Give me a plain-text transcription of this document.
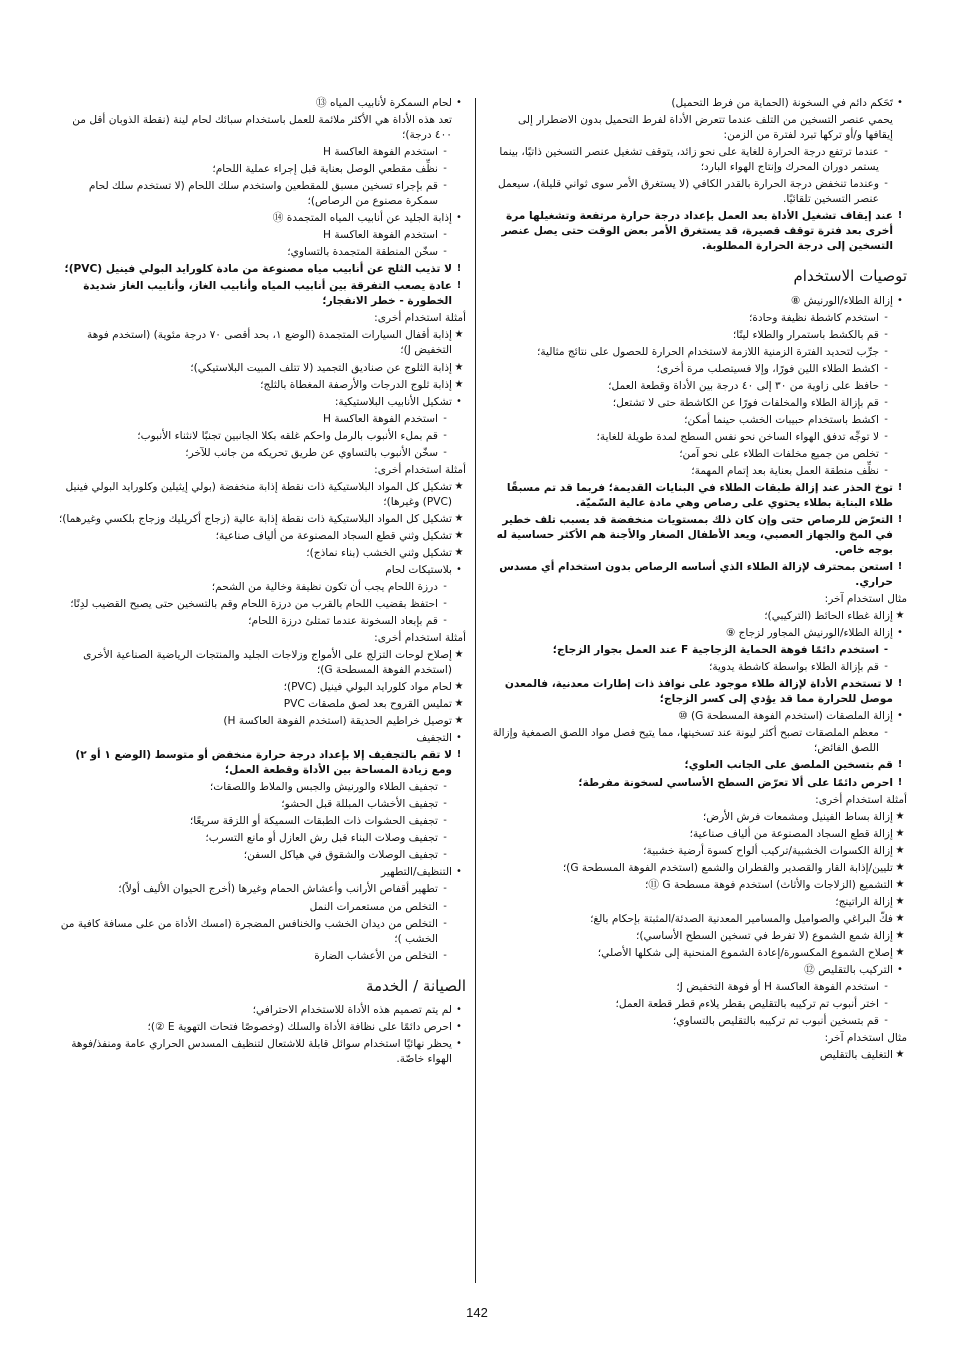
•
تَحَكم دائم في السخونة (الحماية من فرط التحميل)
يحمي عنصر التسخين من التلف عندما تتعرض الأداة لفرط التحميل بدون الاضطرار إلى إيقافها و/أو تركها تبرد لفترة من الزمن:
-
عندما ترتفع درجة الحرارة للغاية على نحو زائد، يتوقف تشغيل عنصر التسخين ذاتيًا، بينما يستمر دوران المحرك وإنتاج الهواء البارد؛
-
وعندما تنخفض درجة الحرارة بالقدر الكافي (لا يستغرق الأمر سوى ثواني قليلة)، سيعمل عنصر التسخين تلقائيًا.
!
عند إيقاف تشغيل الأداة بعد العمل بإعداد درجة حرارة مرتفعة وتشغيلها مرة أخرى بعد فترة توقف قصيرة، قد يستغرق الأمر بعض الوقت حتى يصل عنصر التسخين إلى درجة الحرارة المطلوبة.
توصيات الاستخدام
•
إزالة الطلاء/الورنيش ⑧
-
استخدم كاشطة نظيفة وحادة؛
-
قم بالكشط باستمرار والطلاء لينًا؛
-
جرِّب لتحديد الفترة الزمنية اللازمة لاستخدام الحرارة للحصول على نتائج مثالية؛
-
اكشط الطلاء اللين فورًا، وإلا فسيتصلب مرة أخرى؛
-
حافظ على زاوية من ٣٠ إلى ٤٠ درجة بين الأداة وقطعة العمل؛
-
قم بإزالة الطلاء والمخلفات فورًا عن الكاشطة حتى لا تشتعل؛
-
اكشط باستخدام حبيبات الخشب حينما أمكن؛
-
لا توجِّه تدفق الهواء الساخن نحو نفس السطح لمدة طويلة للغاية؛
-
تخلص من جميع مخلفات الطلاء على نحو آمن؛
-
نظِّف منطقة العمل بعناية بعد إتمام المهمة؛
!
توخ الحذر عند إزالة طبقات الطلاء في البنايات القديمة؛ فربما قد تم مسبقًا طلاء البناية بطلاء يحتوي على رصاص وهي مادة عالية السّميّة.
!
التعرّض للرصاص حتى وإن كان ذلك بمستويات منخفضة قد يسبب تلف خطير في المخ والجهاز العصبي، ويعد الأطفال الصغار والأجنة هم الأكثر حساسية له بوجه خاص.
!
استعن بمحترف لإزالة الطلاء الذي أساسه الرصاص بدون استخدام أي مسدس حراري.
مثال استخدام آخر:
★
إزالة غطاء الحائط (التركيبي)؛
•
إزالة الطلاء/الورنيش المجاور لزجاج ⑨
-
استخدم دائمًا فوهة الحماية الزجاجية F عند العمل بجوار الزجاج؛
-
قم بإزالة الطلاء بواسطة كاشطة يدوية؛
!
لا تستخدم الأداة لإزالة طلاء موجود على نوافذ ذات إطارات معدنية، فالمعدن موصل للحرارة مما قد يؤدي إلى كسر الزجاج؛
•
إزالة الملصقات (استخدم الفوهة المسطحة G) ⑩
-
معظم الملصقات تصبح أكثر ليونة عند تسخينها، مما يتيح فصل مواد اللصق الصمغية وإزالة اللصق الفائض؛
!
قم بتسخين الملصق على الجانب العلوي؛
!
احرص دائمًا على ألا تعرّض السطح الأساسي لسخونة مفرطة؛
أمثلة استخدام أخرى:
★
إزالة بساط الفينيل ومشمعات فرش الأرض؛
★
إزالة قطع السجاد المصنوعة من ألياف صناعية؛
★
إزالة الكسوات الخشبية/تركيب ألواح كسوة أرضية خشبية؛
★
تليين/إذابة القار والقصدير والقطران والشمع (استخدم الفوهة المسطحة G)؛
★
التشميع (الزلاجات والأثاث) استخدم فوهة مسطحة G ⑪؛
★
إزالة الراتينج؛
★
فكّ البراغي والصواميل والمسامير المعدنية الصدئة/المثبتة بإحكام بالغ؛
★
إزالة شمع الشموع (لا تفرط في تسخين السطح الأساسي)؛
★
إصلاح الشموع المكسورة/إعادة الشموع المنحنية إلى شكلها الأصلي؛
•
التركيب بالتقليص ⑫
-
استخدم الفوهة العاكسة H أو فوهة التخفيض J؛
-
اختر أنبوب تم تركيبه بالتقليص بقطر يلاءم قطر قطعة العمل؛
-
قم بتسخين أنبوب تم تركيبه بالتقليص بالتساوي؛
مثال استخدام آخر:
★
التغليف بالتقليص
•
لحام السمكرة لأنابيب المياه ⑬
تعد هذه الأداة هي الأكثر ملائمة للعمل باستخدام سبائك لحام لينة (نقطة الذوبان أقل من ٤٠٠ درجة)؛
-
استخدم الفوهة العاكسة H
-
نظِّف مقطعي الوصل بعناية قبل إجراء عملية اللحام؛
-
قم بإجراء تسخين مسبق للمقطعين واستخدم سلك اللحام (لا تستخدم سلك لحام سمكرة مصنوع من الرصاص)؛
•
إذابة الجليد عن أنابيب المياه المتجمدة ⑭
-
استخدم الفوهة العاكسة H
-
سخّن المنطقة المتجمدة بالتساوي؛
!
لا تذيب الثلج عن أنابيب مياه مصنوعة من مادة كلورايد البولي فينيل (PVC)؛
!
عادة يصعب التفرقة بين أنابيب المياه وأنابيب الغاز، وأنابيب الغاز شديدة الخطورة - خطر الانفجار؛
أمثلة استخدام أخرى:
★
إذابة أقفال السيارات المتجمدة (الوضع ١، بحد أقصى ٧٠ درجة مئوية) (استخدم فوهة التخفيض J)؛
★
إذابة الثلوج عن صناديق التجميد (لا تتلف المبيت البلاستيكي)؛
★
إذابة ثلوج الدرجات والأرصفة المغطاة بالثلج؛
•
تشكيل الأنابيب البلاستيكية:
-
استخدم الفوهة العاكسة H
-
قم بملء الأنبوب بالرمل واحكم غلقه بكلا الجانبين تجنبًا لانثناء الأنبوب؛
-
سخّن الأنبوب بالتساوي عن طريق تحريكه من جانب للآخر؛
أمثلة استخدام أخرى:
★
تشكيل كل المواد البلاستيكية ذات نقطة إذابة منخفضة (بولي إيثيلين وكلورايد البولي فينيل (PVC) وغيرها)؛
★
تشكيل كل المواد البلاستيكية ذات نقطة إذابة عالية (زجاج أكريليك وزجاج بلكسي وغيرهما)؛
★
تشكيل وثني قطع السجاد المصنوعة من ألياف صناعية؛
★
تشكيل وثني الخشب (بناء نماذج)؛
•
بلاستيكات لحام
-
درزة اللحام يجب أن تكون نظيفة وخالية من الشحم؛
-
احتفظ بقضيب اللحام بالقرب من درزة اللحام وقم بالتسخين حتى يصبح القضيب لدِنًا؛
-
قم بإبعاد السخونة عندما تمتلئ درزة اللحام؛
أمثلة استخدام أخرى:
★
إصلاح لوحات التزلج على الأمواج وزلاجات الجليد والمنتجات الرياضية الصناعية الأخرى (استخدم الفوهة المسطحة G)؛
★
لحام مواد كلورايد البولي فينيل (PVC)؛
★
تمليس القروح بعد لصق ملصقات PVC
★
توصيل خراطيم الحديقة (استخدم الفوهة العاكسة H)
•
التجفيف
!
لا تقم بالتجفيف إلا بإعداد درجة حرارة منخفض أو متوسط (الوضع ١ أو ٢) ومع زيادة المساحة بين الأداة وقطعة العمل؛
-
تجفيف الطلاء والورنيش والجبس والملاط واللصقات؛
-
تجفيف الأخشاب المبللة قبل الحشو؛
-
تجفيف الحشوات ذات الطبقات السميكة أو اللزقة سريعًا؛
-
تجفيف وصلات البناء قبل رش العازل أو مانع التسرب؛
-
تجفيف الوصلات والشقوق في هياكل السفن؛
•
التنظيف/التطهير
-
تطهير أقفاص الأرانب وأعشاش الحمام وغيرها (أخرج الحيوان الأليف أولاً)؛
-
التخلص من مستعمرات النمل
-
التخلص من ديدان الخشب والخنافس المضجرة (امسك الأداة من على مسافة كافية من الخشب )؛
-
التخلص من الأعشاب الضارة
الصيانة / الخدمة
•
لم يتم تصميم هذه الأداة للاستخدام الاحترافي؛
•
احرص دائمًا على نظافة الأداة والسلك (وخصوصًا فتحات التهوية E ②)؛
•
يحظر نهائيًا استخدام سوائل قابلة للاشتعال لتنظيف المسدس الحراري عامة ومنفذ/فوهة الهواء خاصّة.
142
